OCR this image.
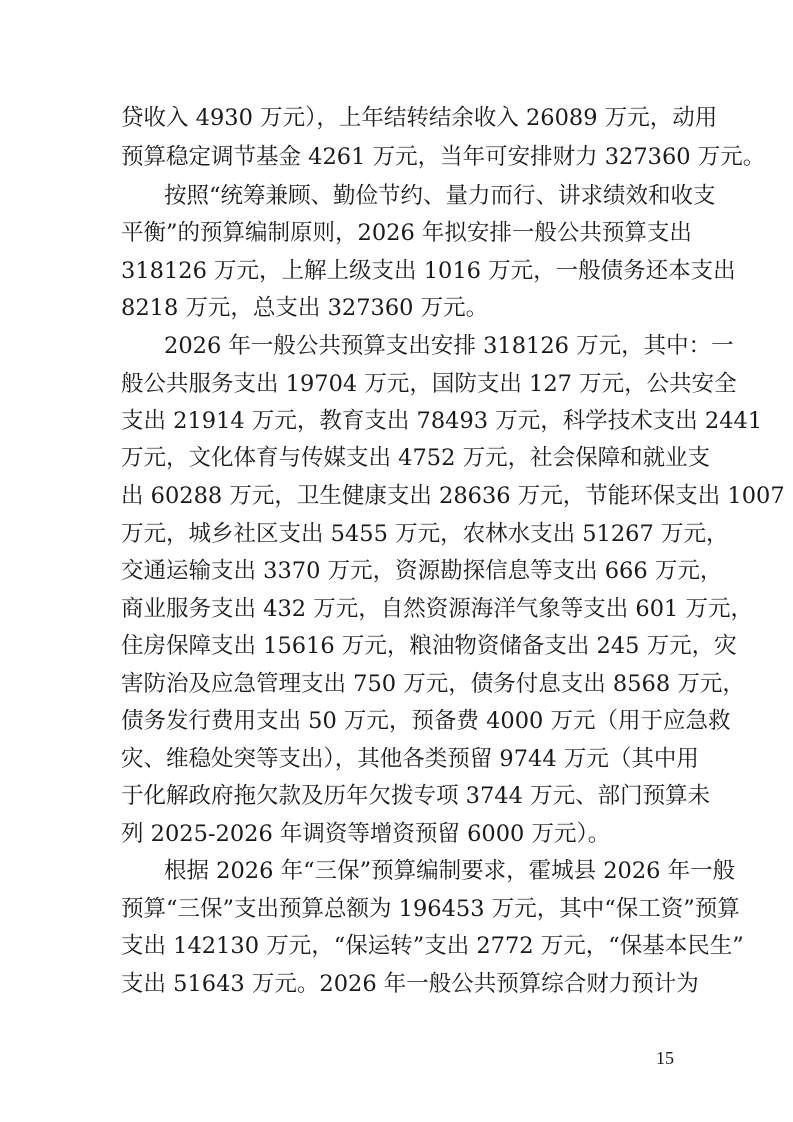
贷收入 4930 万元），上年结转结余收入 26089 万元，动用
预算稳定调节基金 4261 万元，当年可安排财力 327360 万元。
按照“统筹兼顾、勤俭节约、量力而行、讲求绩效和收支
平衡”的预算编制原则，2026 年拟安排一般公共预算支出
318126 万元，上解上级支出 1016 万元，一般债务还本支出
8218 万元，总支出 327360 万元。
2026 年一般公共预算支出安排 318126 万元，其中：一
般公共服务支出 19704 万元，国防支出 127 万元，公共安全
支出 21914 万元，教育支出 78493 万元，科学技术支出 2441
万元，文化体育与传媒支出 4752 万元，社会保障和就业支
出 60288 万元，卫生健康支出 28636 万元，节能环保支出 1007
万元，城乡社区支出 5455 万元，农林水支出 51267 万元，
交通运输支出 3370 万元，资源勘探信息等支出 666 万元，
商业服务支出 432 万元，自然资源海洋气象等支出 601 万元，
住房保障支出 15616 万元，粮油物资储备支出 245 万元，灾
害防治及应急管理支出 750 万元，债务付息支出 8568 万元，
债务发行费用支出 50 万元，预备费 4000 万元（用于应急救
灾、维稳处突等支出），其他各类预留 9744 万元（其中用
于化解政府拖欠款及历年欠拨专项 3744 万元、部门预算未
列 2025-2026 年调资等增资预留 6000 万元）。
根据 2026 年“三保”预算编制要求，霍城县 2026 年一般
预算“三保”支出预算总额为 196453 万元，其中“保工资”预算
支出 142130 万元，“保运转”支出 2772 万元，“保基本民生”
支出 51643 万元。2026 年一般公共预算综合财力预计为
15
